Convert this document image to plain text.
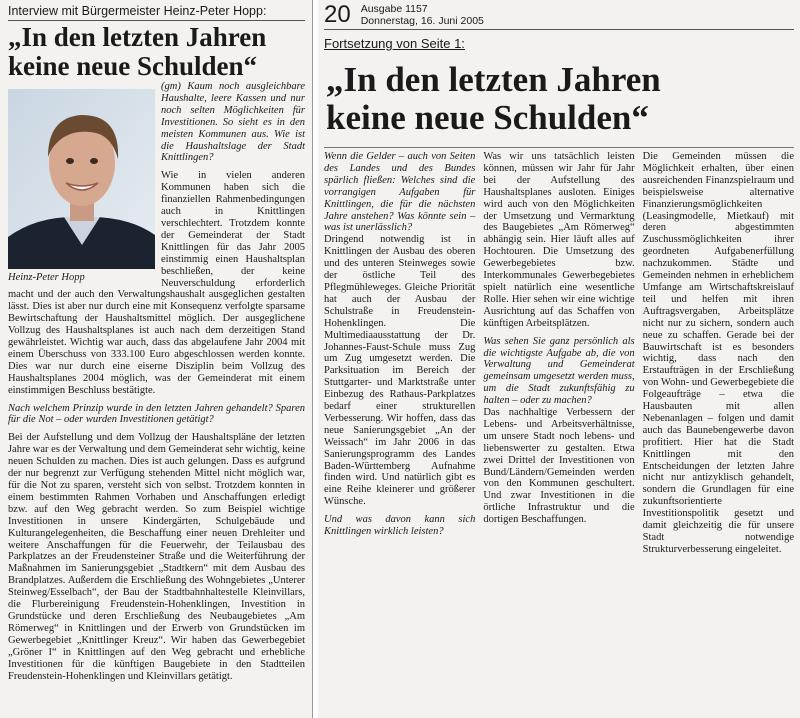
Interview mit Bürgermeister Heinz-Peter Hopp:
„In den letzten Jahren
keine neue Schulden“
Heinz-Peter Hopp

(gm) Kaum noch ausgleichbare Haushalte, leere Kassen und nur noch selten Möglichkeiten für Investitionen. So sieht es in den meisten Kommunen aus. Wie ist die Haushaltslage der Stadt Knittlingen?

Wie in vielen anderen Kommunen haben sich die finanziellen Rahmenbedingungen auch in Knittlingen verschlechtert. Trotzdem konnte der Gemeinderat der Stadt Knittlingen für das Jahr 2005 einstimmig einen Haushaltsplan beschließen, der keine Neuverschuldung erforderlich macht und der auch den Verwaltungshaushalt ausgeglichen gestalten lässt. Dies ist aber nur durch eine mit Konsequenz verfolgte sparsame Bewirtschaftung der Haushaltsmittel möglich. Der ausgeglichene Vollzug des Haushaltsplanes ist auch nach dem derzeitigen Stand gewährleistet. Wichtig war auch, dass das abgelaufene Jahr 2004 mit einem Überschuss von 333.100 Euro abgeschlossen werden konnte. Dies war nur durch eine eiserne Disziplin beim Vollzug des Haushaltsplanes 2004 möglich, was der Gemeinderat mit einem einstimmigen Beschluss bestätigte.

Nach welchem Prinzip wurde in den letzten Jahren gehandelt? Sparen für die Not – oder wurden Investitionen getätigt?

Bei der Aufstellung und dem Vollzug der Haushaltspläne der letzten Jahre war es der Verwaltung und dem Gemeinderat sehr wichtig, keine neuen Schulden zu machen. Dies ist auch gelungen. Dass es aufgrund der nur begrenzt zur Verfügung stehenden Mittel nicht möglich war, für die Not zu sparen, versteht sich von selbst. Trotzdem konnten in einem bestimmten Rahmen Vorhaben und Anschaffungen erledigt bzw. auf den Weg gebracht werden. So zum Beispiel wichtige Investitionen in unsere Kindergärten, Schulgebäude und Kulturangelegenheiten, die Beschaffung einer neuen Drehleiter und weitere Anschaffungen für die Feuerwehr, der Teilausbau des Parkplatzes an der Freudensteiner Straße und die Weiterführung der Maßnahmen im Sanierungsgebiet „Stadtkern“ mit dem Ausbau des Brandplatzes. Außerdem die Erschließung des Wohngebietes „Unterer Steinweg/Esselbach“, der Bau der Stadtbahnhaltestelle Kleinvillars, die Flurbereinigung Freudenstein-Hohenklingen, Investition in Grundstücke und deren Erschließung des Neubaugebietes „Am Römerweg“ in Knittlingen und der Erwerb von Grundstücken im Gewerbegebiet „Knittlinger Kreuz“. Wir haben das Gewerbegebiet „Gröner I“ in Knittlingen auf den Weg gebracht und erhebliche Investitionen für die künftigen Baugebiete in den Stadtteilen Freudenstein-Hohenklingen und Kleinvillars getätigt.

20 Ausgabe 1157
Donnerstag, 16. Juni 2005
Fortsetzung von Seite 1:
„In den letzten Jahren
keine neue Schulden“

Wenn die Gelder – auch von Seiten des Landes und des Bundes spärlich fließen: Welches sind die vorrangigen Aufgaben für Knittlingen, die für die nächsten Jahre anstehen? Was könnte sein – was ist unerlässlich?

Dringend notwendig ist in Knittlingen der Ausbau des oberen und des unteren Steinweges sowie der östliche Teil des Pflegmühleweges. Gleiche Priorität hat auch der Ausbau der Schulstraße in Freudenstein-Hohenklingen. Die Multimediaausstattung der Dr. Johannes-Faust-Schule muss Zug um Zug umgesetzt werden. Die Parksituation im Bereich der Stuttgarter- und Marktstraße unter Einbezug des Rathaus-Parkplatzes bedarf einer strukturellen Verbesserung. Wir hoffen, dass das neue Sanierungsgebiet „An der Weissach“ im Jahr 2006 in das Sanierungsprogramm des Landes Baden-Württemberg Aufnahme finden wird. Und natürlich gibt es eine Reihe kleinerer und größerer Wünsche.

Und was davon kann sich Knittlingen wirklich leisten?

Was wir uns tatsächlich leisten können, müssen wir Jahr für Jahr bei der Aufstellung des Haushaltsplanes ausloten. Einiges wird auch von den Möglichkeiten der Umsetzung und Vermarktung des Baugebietes „Am Römerweg“ abhängig sein. Hier läuft alles auf Hochtouren. Die Umsetzung des Gewerbegebietes bzw. Interkommunales Gewerbegebietes spielt natürlich eine wesentliche Rolle. Hier sehen wir eine wichtige Ausrichtung auf das Schaffen von künftigen Arbeitsplätzen.

Was sehen Sie ganz persönlich als die wichtigste Aufgabe ab, die von Verwaltung und Gemeinderat gemeinsam umgesetzt werden muss, um die Stadt zukunftsfähig zu halten – oder zu machen?

Das nachhaltige Verbessern der Lebens- und Arbeitsverhältnisse, um unsere Stadt noch lebens- und liebenswerter zu gestalten. Etwa zwei Drittel der Investitionen von Bund/Ländern/Gemeinden werden von den Kommunen geschultert. Und zwar Investitionen in die örtliche Infrastruktur und die dortigen Beschaffungen.

Die Gemeinden müssen die Möglichkeit erhalten, über einen ausreichenden Finanzspielraum und beispielsweise alternative Finanzierungsmöglichkeiten (Leasingmodelle, Mietkauf) mit deren abgestimmten Zuschussmöglichkeiten ihrer geordneten Aufgabenerfüllung nachzukommen. Städte und Gemeinden nehmen in erheblichem Umfange am Wirtschaftskreislauf teil und helfen mit ihren Auftragsvergaben, Arbeitsplätze nicht nur zu sichern, sondern auch neue zu schaffen. Gerade bei der Bauwirtschaft ist es besonders wichtig, dass nach den Erstaufträgen in der Erschließung von Wohn- und Gewerbegebiete die Folgeaufträge – etwa die Hausbauten mit allen Nebenanlagen – folgen und damit auch das Baunebengewerbe davon profitiert. Hier hat die Stadt Knittlingen mit den Entscheidungen der letzten Jahre nicht nur antizyklisch gehandelt, sondern die Grundlagen für eine zukunftsorientierte Investitionspolitik gesetzt und damit gleichzeitig die für unsere Stadt notwendige Strukturverbesserung eingeleitet.
